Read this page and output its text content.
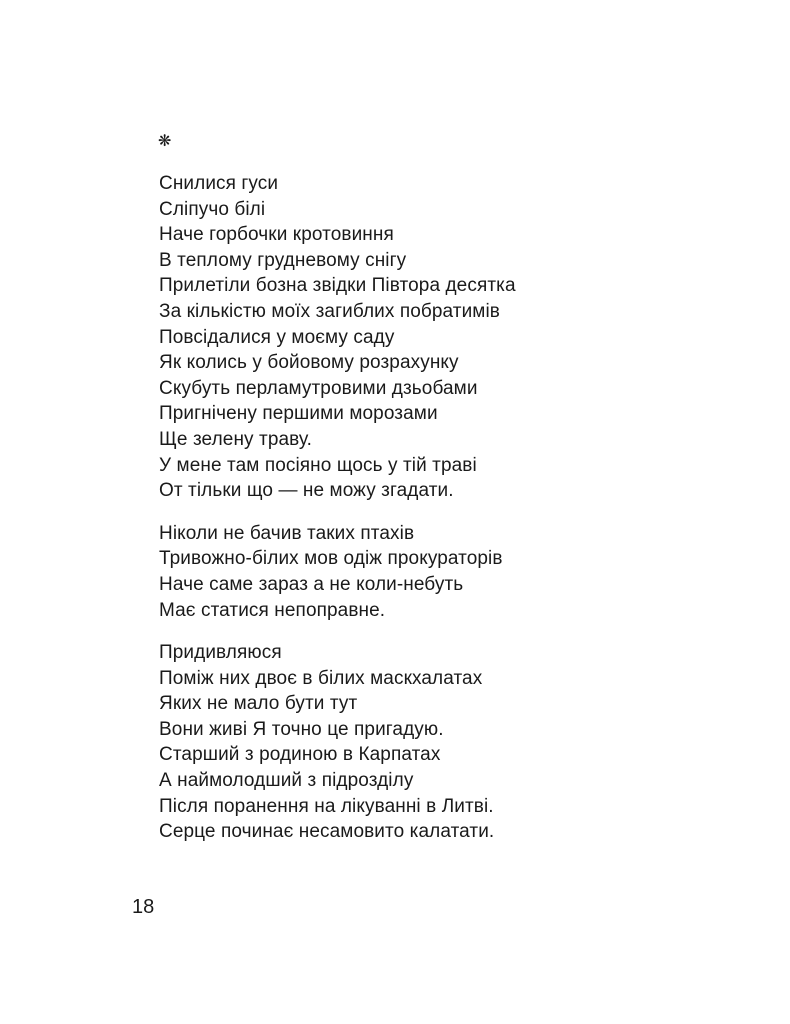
❋
Снилися гуси
Сліпучо білі
Наче горбочки кротовиння
В теплому грудневому снігу
Прилетіли бозна звідки Півтора десятка
За кількістю моїх загиблих побратимів
Повсідалися у моєму саду
Як колись у бойовому розрахунку
Скубуть перламутровими дзьобами
Пригнічену першими морозами
Ще зелену траву.
У мене там посіяно щось у тій траві
От тільки що — не можу згадати.
Ніколи не бачив таких птахів
Тривожно-білих мов одіж прокураторів
Наче саме зараз а не коли-небуть
Має статися непоправне.
Придивляюся
Поміж них двоє в білих маскхалатах
Яких не мало бути тут
Вони живі Я точно це пригадую.
Старший з родиною в Карпатах
А наймолодший з підрозділу
Після поранення на лікуванні в Литві.
Серце починає несамовито калатати.
18
